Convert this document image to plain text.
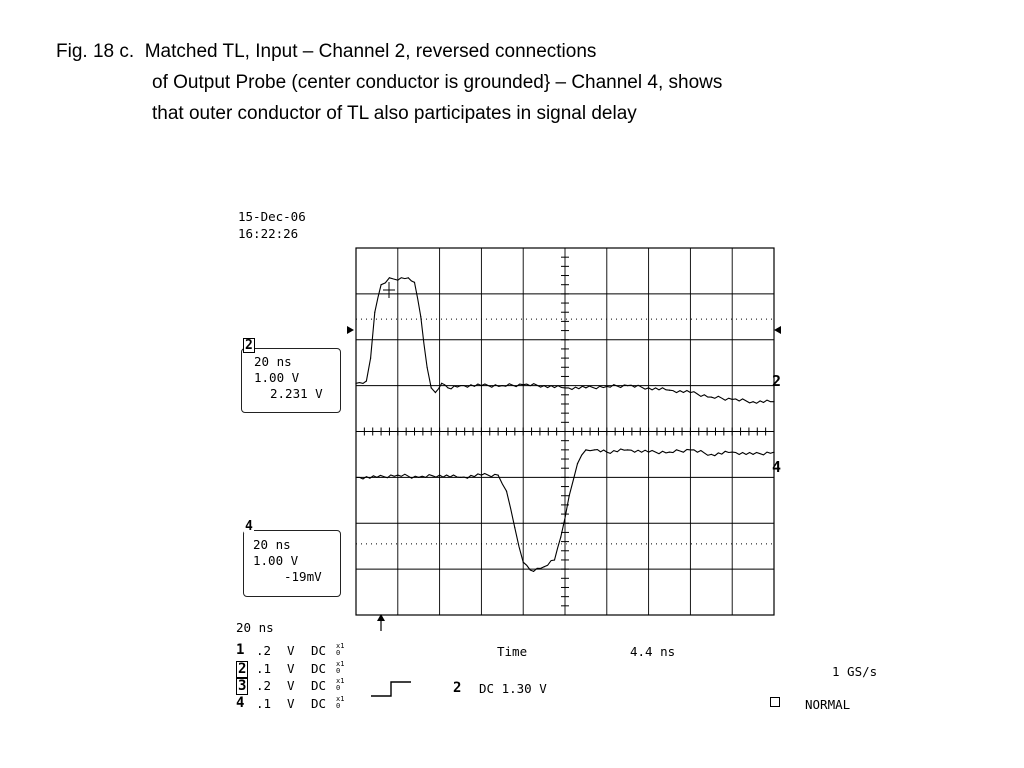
Fig. 18 c.  Matched TL, Input – Channel 2, reversed connections
of Output Probe (center conductor is grounded} – Channel 4, shows
that outer conductor of TL also participates in signal delay
15-Dec-06
16:22:26
2
4
2
20 ns
1.00 V
2.231 V
4
20 ns
1.00 V
-19mV
20 ns
1 .2 V DC x10
2 .1 V DC x10
3 .2 V DC x10
4 .1 V DC x10
Time	4.4 ns
1 GS/s
2 DC 1.30 V
NORMAL
